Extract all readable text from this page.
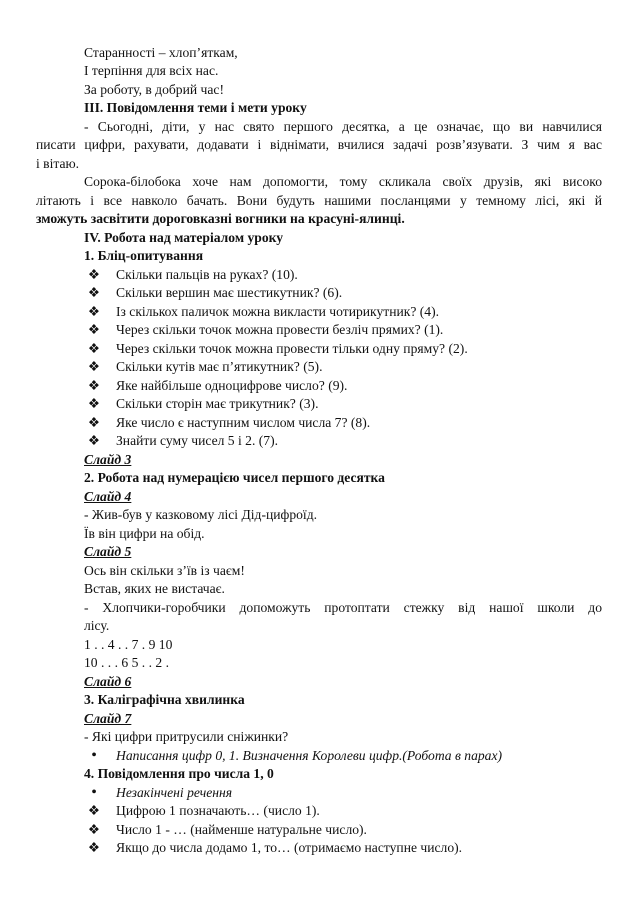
Старанності – хлоп’яткам,
І терпіння для всіх нас.
За роботу, в добрий час!
ІІІ. Повідомлення теми і мети уроку
- Сьогодні, діти, у нас свято першого десятка, а це означає, що ви навчилися
писати цифри, рахувати, додавати і віднімати, вчилися задачі розв’язувати. З чим я вас
і вітаю.
Сорока-білобока хоче нам допомогти, тому скликала своїх друзів, які високо
літають і все навколо бачать. Вони будуть нашими посланцями у темному лісі, які й
зможуть засвітити дороговказні вогники на красуні-ялинці.
IV. Робота над матеріалом уроку
1. Бліц-опитування
❖ Скільки пальців на руках? (10).
❖ Скільки вершин має шестикутник? (6).
❖ Із скількох паличок можна викласти чотирикутник? (4).
❖ Через скільки точок можна провести безліч прямих? (1).
❖ Через скільки точок можна провести тільки одну пряму? (2).
❖ Скільки кутів має п’ятикутник? (5).
❖ Яке найбільше одноцифрове число? (9).
❖ Скільки сторін має трикутник? (3).
❖ Яке число є наступним числом числа 7? (8).
❖ Знайти суму чисел 5 і 2. (7).
Слайд 3
2. Робота над нумерацією чисел першого десятка
Слайд 4
- Жив-був у казковому лісі Дід-цифроїд.
Їв він цифри на обід.
Слайд 5
Ось він скільки з’їв із чаєм!
Встав, яких не вистачає.
- Хлопчики-горобчики допоможуть протоптати стежку від нашої школи до
лісу.
1 . . 4 . . 7 . 9 10
10 . . . 6 5 . . 2 .
Слайд 6
3. Каліграфічна хвилинка
Слайд 7
- Які цифри притрусили сніжинки?
•	Написання цифр 0, 1. Визначення Королеви цифр.(Робота в парах)
4. Повідомлення про числа 1, 0
•	Незакінчені речення
❖ Цифрою 1 позначають… (число 1).
❖ Число 1 - … (найменше натуральне число).
❖ Якщо до числа додамо 1, то… (отримаємо наступне число).
